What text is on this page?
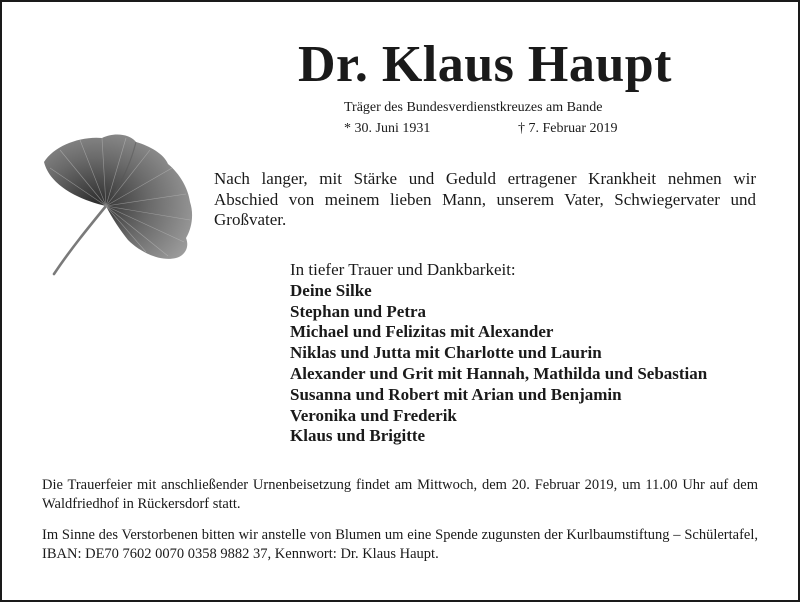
Dr. Klaus Haupt
Träger des Bundesverdienstkreuzes am Bande
* 30. Juni 1931	† 7. Februar 2019
Nach langer, mit Stärke und Geduld ertragener Krankheit nehmen wir Abschied von meinem lieben Mann, unserem Vater, Schwiegervater und Großvater.
In tiefer Trauer und Dankbarkeit:
Deine Silke
Stephan und Petra
Michael und Felizitas mit Alexander
Niklas und Jutta mit Charlotte und Laurin
Alexander und Grit mit Hannah, Mathilda und Sebastian
Susanna und Robert mit Arian und Benjamin
Veronika und Frederik
Klaus und Brigitte
Die Trauerfeier mit anschließender Urnenbeisetzung findet am Mittwoch, dem 20. Februar 2019, um 11.00 Uhr auf dem Waldfriedhof in Rückersdorf statt.
Im Sinne des Verstorbenen bitten wir anstelle von Blumen um eine Spende zugunsten der Kurlbaumstiftung – Schülertafel, IBAN: DE70 7602 0070 0358 9882 37, Kennwort: Dr. Klaus Haupt.
